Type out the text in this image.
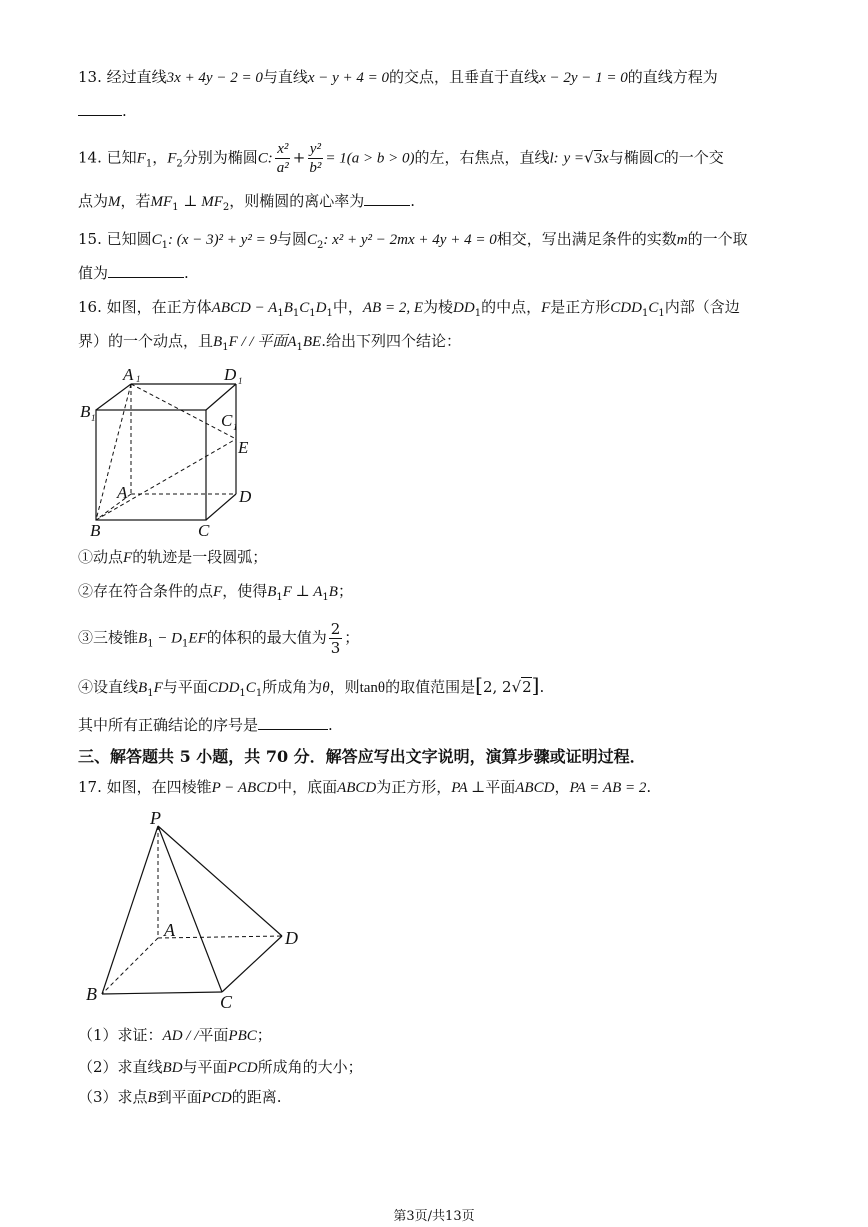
13. 经过直线3x + 4y − 2 = 0与直线x − y + 4 = 0的交点，且垂直于直线x − 2y − 1 = 0的直线方程为
.
14. 已知$F_1$，$F_2$分别为椭圆C: $\frac{\text{x²}}{\text{a²}} + \frac{\text{y²}}{\text{b²}} = 1(a > b > 0)$的左，右焦点，直线l: y =√3x与椭圆C的一个交
点为M，若$MF_1$ ⊥ $MF_2$，则椭圆的离心率为	.
15. 已知圆$C_1$: (x − 3)² + y² = 9与圆$C_2$: x² + y² − 2mx + 4y + 4 = 0相交，写出满足条件的实数m的一个取
值为	.
16. 如图，在正方体ABCD − $A_1B_1C_1D_1$中，AB = 2, E为棱$DD_1$的中点，F是正方形$CDD_1C_1$内部（含边
界）的一个动点，且$B_1F$ / / 平面$A_1BE$.给出下列四个结论：
A 1	D 1
B 1	C 1
E
A	D
B	C
①动点F的轨迹是一段圆弧；
②存在符合条件的点F，使得$B_1F$ ⊥ $A_1B$；
③三棱锥$B_1 - D_1EF$的体积的最大值为 $\frac{2}{3}$ ；
④设直线$B_1F$与平面$CDD_1C_1$所成角为θ，则tanθ的取值范围是[2, 2√2].
其中所有正确结论的序号是	.
三、解答题共 5 小题，共 70 分．解答应写出文字说明，演算步骤或证明过程．
17. 如图，在四棱锥P − ABCD中，底面ABCD为正方形，PA ⊥平面ABCD，PA = AB = 2.
P
A	D
B	C
（1）求证：AD / /平面PBC；
（2）求直线BD与平面PCD所成角的大小；
（3）求点B到平面PCD的距离.
第3页/共13页
